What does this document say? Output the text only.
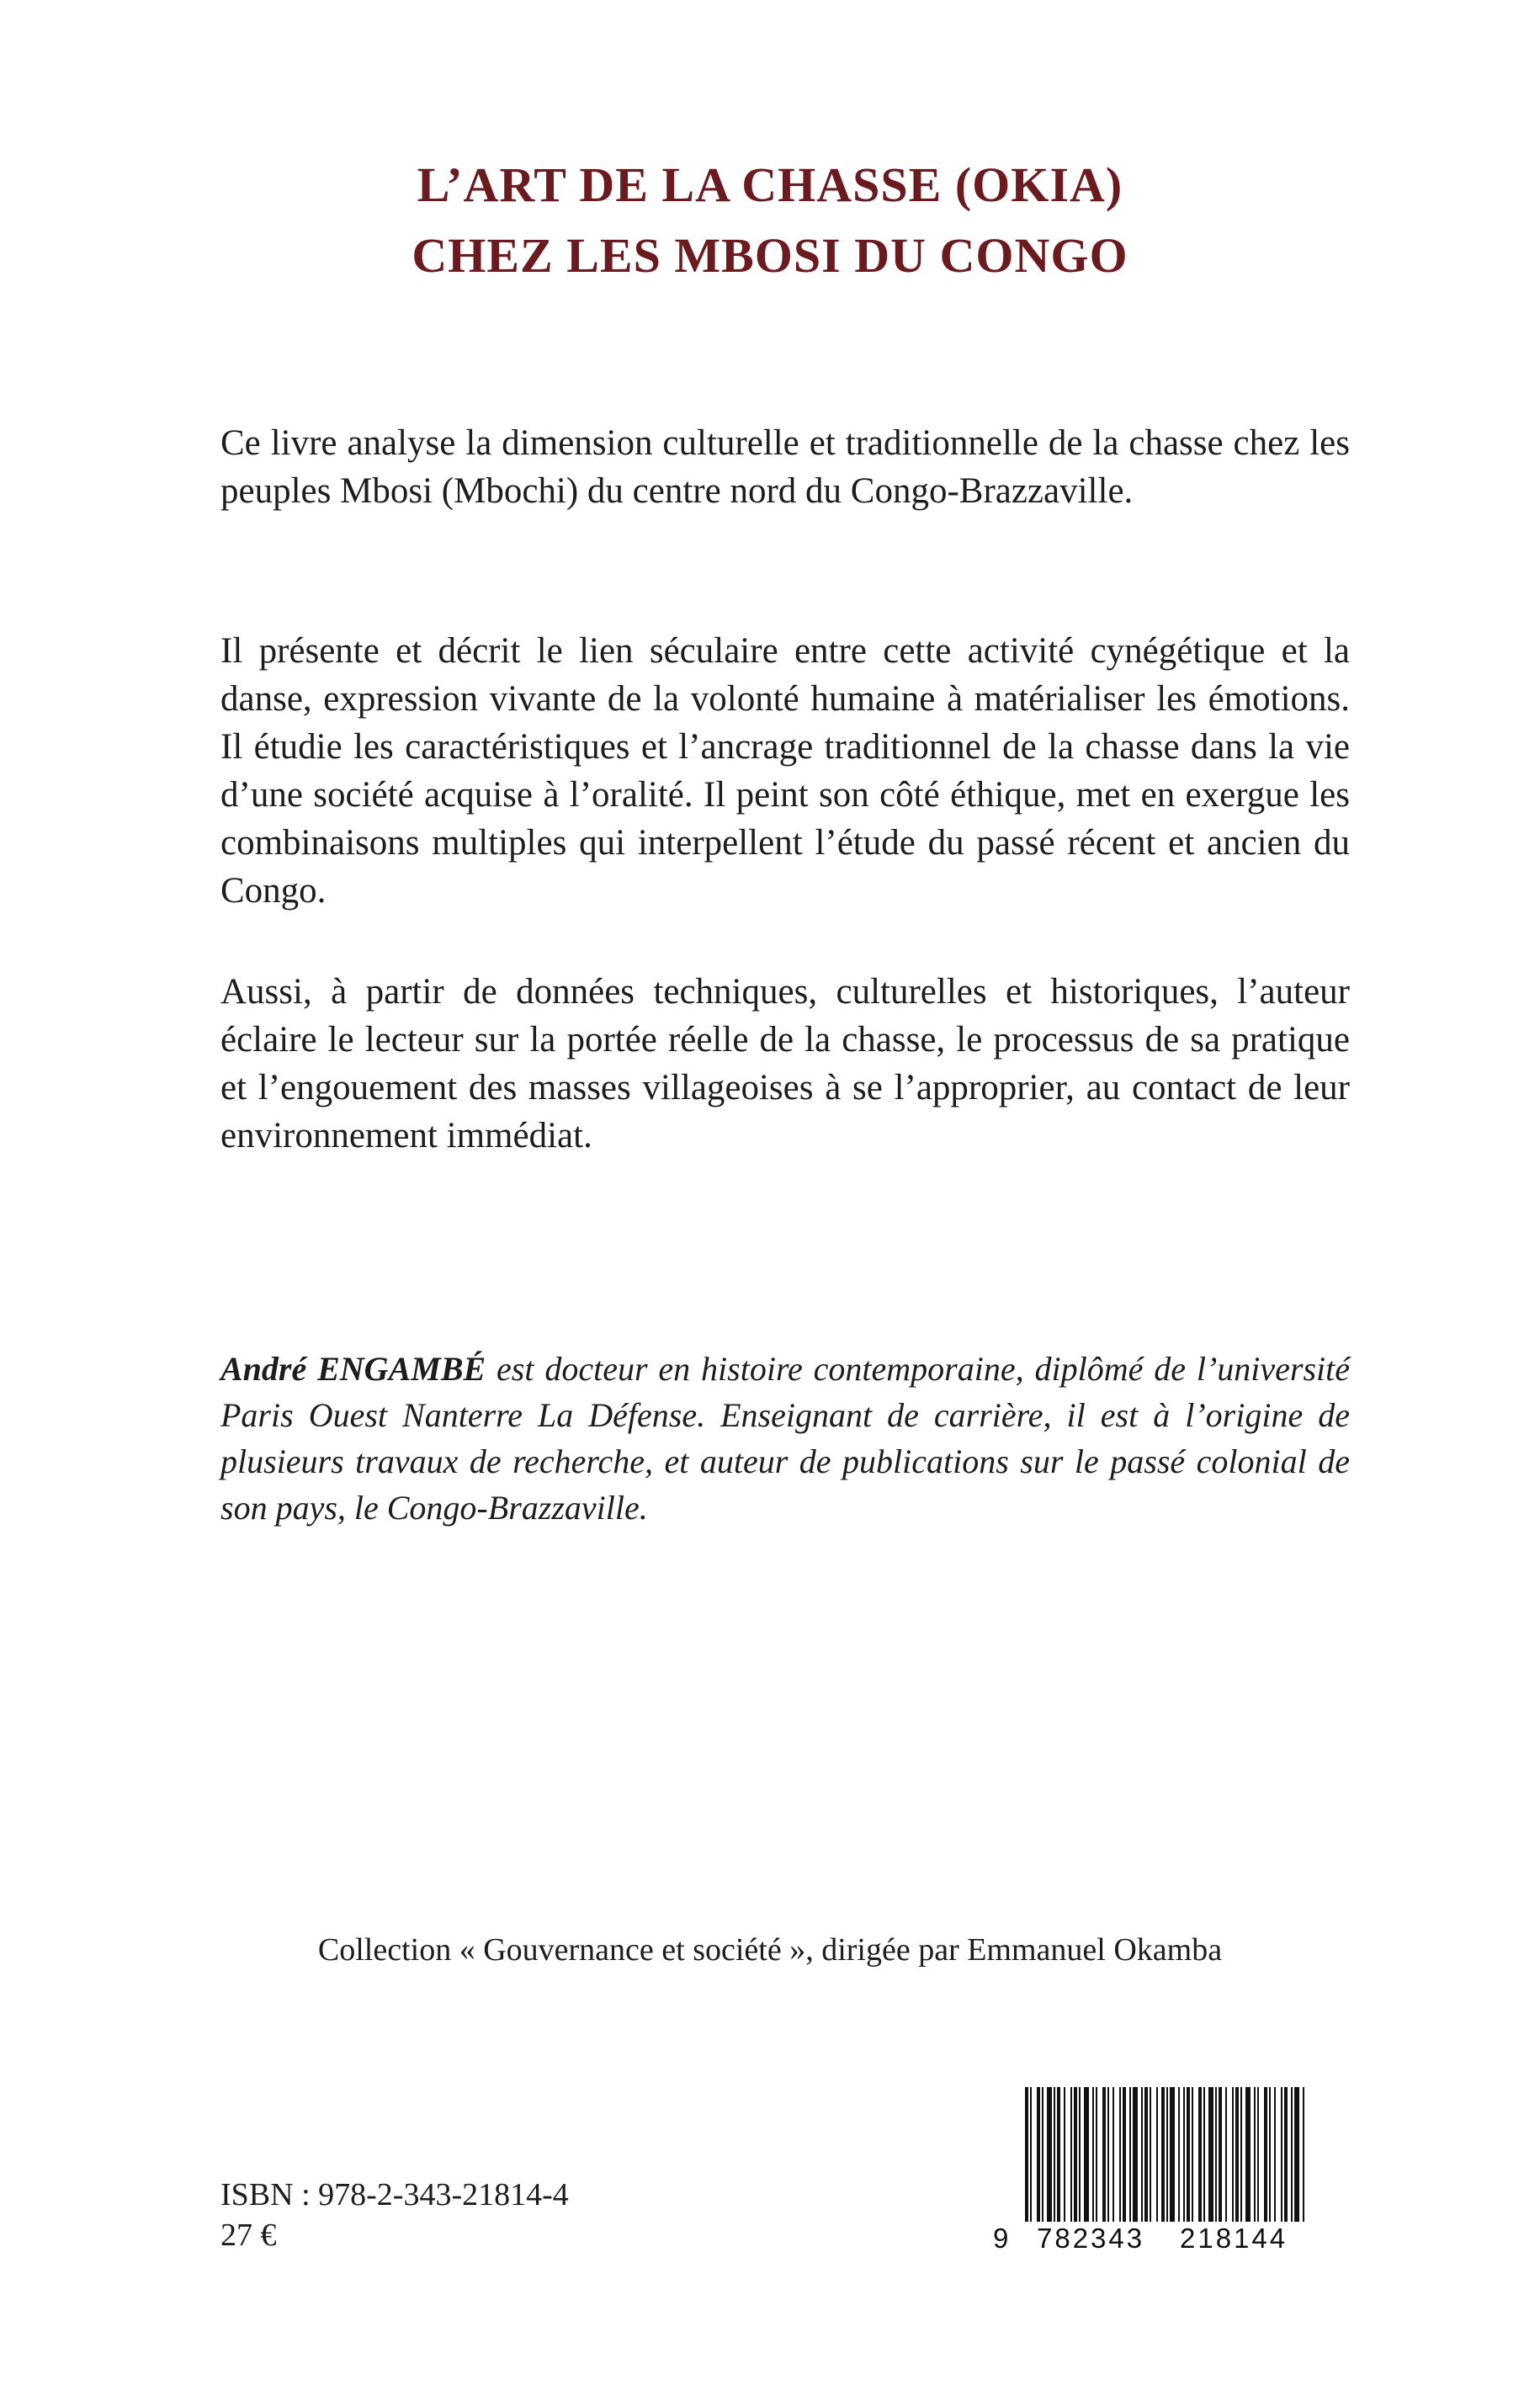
L’ART DE LA CHASSE (OKIA)
CHEZ LES MBOSI DU CONGO

Ce livre analyse la dimension culturelle et traditionnelle de la chasse chez les peuples Mbosi (Mbochi) du centre nord du Congo-Brazzaville.

Il présente et décrit le lien séculaire entre cette activité cynégétique et la danse, expression vivante de la volonté humaine à matérialiser les émotions. Il étudie les caractéristiques et l’ancrage traditionnel de la chasse dans la vie d’une société acquise à l’oralité. Il peint son côté éthique, met en exergue les combinaisons multiples qui interpellent l’étude du passé récent et ancien du Congo.

Aussi, à partir de données techniques, culturelles et historiques, l’auteur éclaire le lecteur sur la portée réelle de la chasse, le processus de sa pratique et l’engouement des masses villageoises à se l’approprier, au contact de leur environnement immédiat.

André ENGAMBÉ est docteur en histoire contemporaine, diplômé de l’université Paris Ouest Nanterre La Défense. Enseignant de carrière, il est à l’origine de plusieurs travaux de recherche, et auteur de publications sur le passé colonial de son pays, le Congo-Brazzaville.

Collection « Gouvernance et société », dirigée par Emmanuel Okamba
ISBN : 978-2-343-21814-4
27 €	9 782343 218144
